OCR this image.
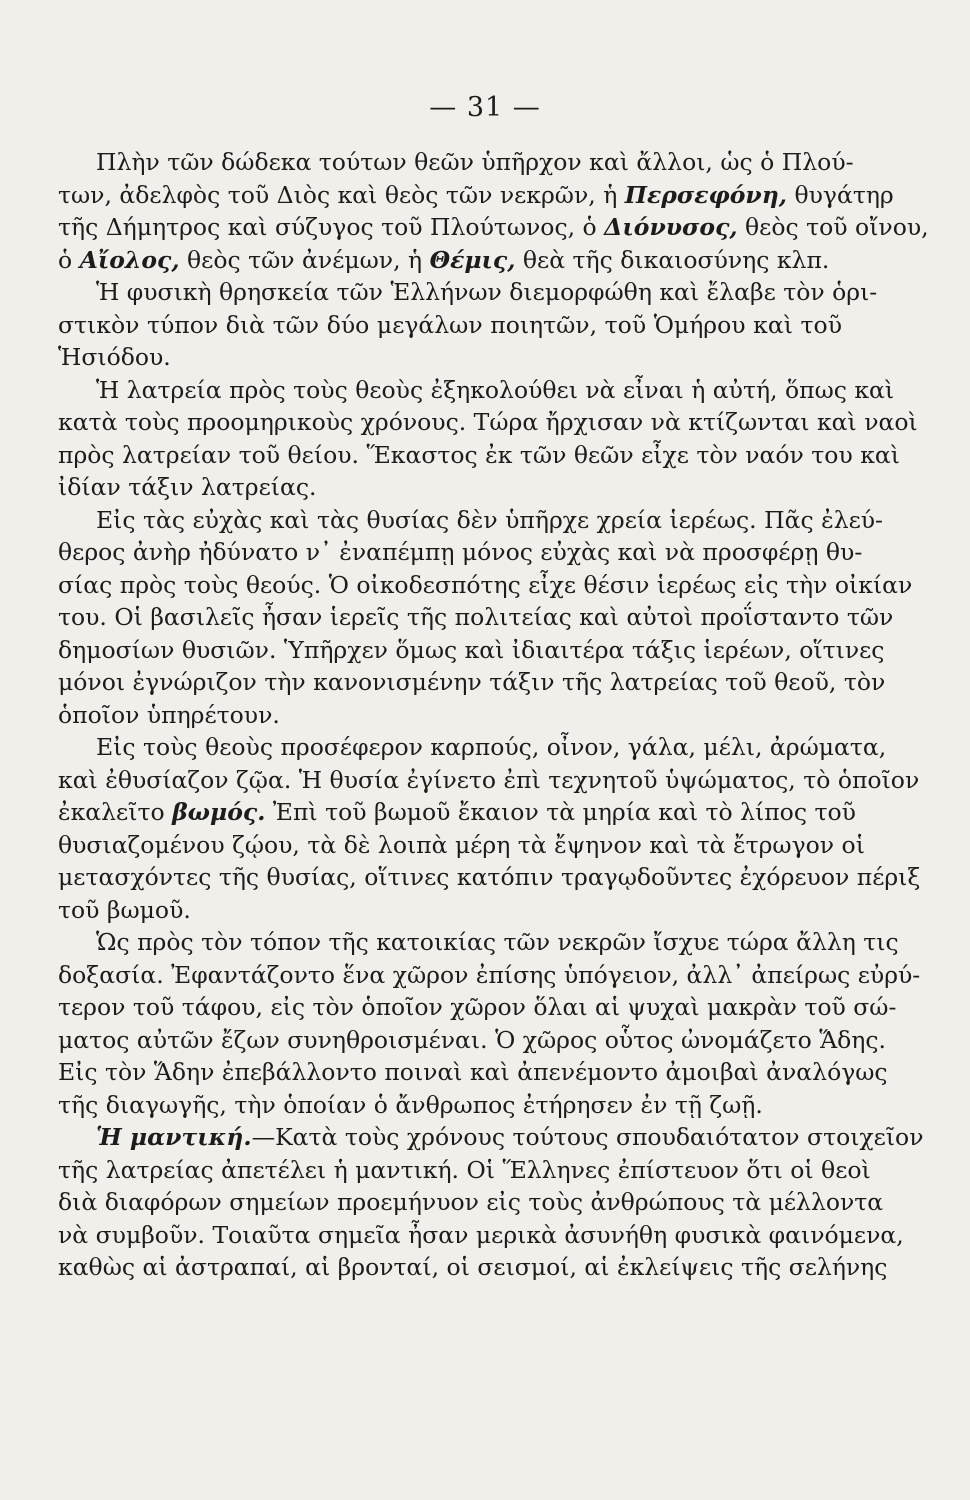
— 31 —
Πλὴν τῶν δώδεκα τούτων θεῶν ὑπῆρχον καὶ ἄλλοι, ὡς ὁ Πλού-
των, ἀδελφὸς τοῦ Διὸς καὶ θεὸς τῶν νεκρῶν, ἡ Περσεφόνη, θυγάτηρ
τῆς Δήμητρος καὶ σύζυγος τοῦ Πλούτωνος, ὁ Διόνυσος, θεὸς τοῦ οἴνου,
ὁ Αἴολος, θεὸς τῶν ἀνέμων, ἡ Θέμις, θεὰ τῆς δικαιοσύνης κλπ.
Ἡ φυσικὴ θρησκεία τῶν Ἑλλήνων διεμορφώθη καὶ ἔλαβε τὸν ὁρι-
στικὸν τύπον διὰ τῶν δύο μεγάλων ποιητῶν, τοῦ Ὁμήρου καὶ τοῦ
Ἡσιόδου.
Ἡ λατρεία πρὸς τοὺς θεοὺς ἐξηκολούθει νὰ εἶναι ἡ αὐτή, ὅπως καὶ
κατὰ τοὺς προομηρικοὺς χρόνους. Τώρα ἤρχισαν νὰ κτίζωνται καὶ ναοὶ
πρὸς λατρείαν τοῦ θείου. Ἕκαστος ἐκ τῶν θεῶν εἶχε τὸν ναόν του καὶ
ἰδίαν τάξιν λατρείας.
Εἰς τὰς εὐχὰς καὶ τὰς θυσίας δὲν ὑπῆρχε χρεία ἱερέως. Πᾶς ἐλεύ-
θερος ἀνὴρ ἠδύνατο ν᾽ ἐναπέμπῃ μόνος εὐχὰς καὶ νὰ προσφέρῃ θυ-
σίας πρὸς τοὺς θεούς. Ὁ οἰκοδεσπότης εἶχε θέσιν ἱερέως εἰς τὴν οἰκίαν
του. Οἱ βασιλεῖς ἦσαν ἱερεῖς τῆς πολιτείας καὶ αὐτοὶ προΐσταντο τῶν
δημοσίων θυσιῶν. Ὑπῆρχεν ὅμως καὶ ἰδιαιτέρα τάξις ἱερέων, οἵτινες
μόνοι ἐγνώριζον τὴν κανονισμένην τάξιν τῆς λατρείας τοῦ θεοῦ, τὸν
ὁποῖον ὑπηρέτουν.
Εἰς τοὺς θεοὺς προσέφερον καρπούς, οἶνον, γάλα, μέλι, ἀρώματα,
καὶ ἐθυσίαζον ζῷα. Ἡ θυσία ἐγίνετο ἐπὶ τεχνητοῦ ὑψώματος, τὸ ὁποῖον
ἐκαλεῖτο βωμός. Ἐπὶ τοῦ βωμοῦ ἔκαιον τὰ μηρία καὶ τὸ λίπος τοῦ
θυσιαζομένου ζῴου, τὰ δὲ λοιπὰ μέρη τὰ ἔψηνον καὶ τὰ ἔτρωγον οἱ
μετασχόντες τῆς θυσίας, οἵτινες κατόπιν τραγῳδοῦντες ἐχόρευον πέριξ
τοῦ βωμοῦ.
Ὡς πρὸς τὸν τόπον τῆς κατοικίας τῶν νεκρῶν ἴσχυε τώρα ἄλλη τις
δοξασία. Ἐφαντάζοντο ἕνα χῶρον ἐπίσης ὑπόγειον, ἀλλ᾽ ἀπείρως εὐρύ-
τερον τοῦ τάφου, εἰς τὸν ὁποῖον χῶρον ὅλαι αἱ ψυχαὶ μακρὰν τοῦ σώ-
ματος αὐτῶν ἔζων συνηθροισμέναι. Ὁ χῶρος οὗτος ὠνομάζετο Ἅδης.
Εἰς τὸν Ἅδην ἐπεβάλλοντο ποιναὶ καὶ ἀπενέμοντο ἀμοιβαὶ ἀναλόγως
τῆς διαγωγῆς, τὴν ὁποίαν ὁ ἄνθρωπος ἐτήρησεν ἐν τῇ ζωῇ.
Ἡ μαντική.—Κατὰ τοὺς χρόνους τούτους σπουδαιότατον στοιχεῖον
τῆς λατρείας ἀπετέλει ἡ μαντική. Οἱ Ἕλληνες ἐπίστευον ὅτι οἱ θεοὶ
διὰ διαφόρων σημείων προεμήνυον εἰς τοὺς ἀνθρώπους τὰ μέλλοντα
νὰ συμβοῦν. Τοιαῦτα σημεῖα ἦσαν μερικὰ ἀσυνήθη φυσικὰ φαινόμενα,
καθὼς αἱ ἀστραπαί, αἱ βρονταί, οἱ σεισμοί, αἱ ἐκλείψεις τῆς σελήνης
